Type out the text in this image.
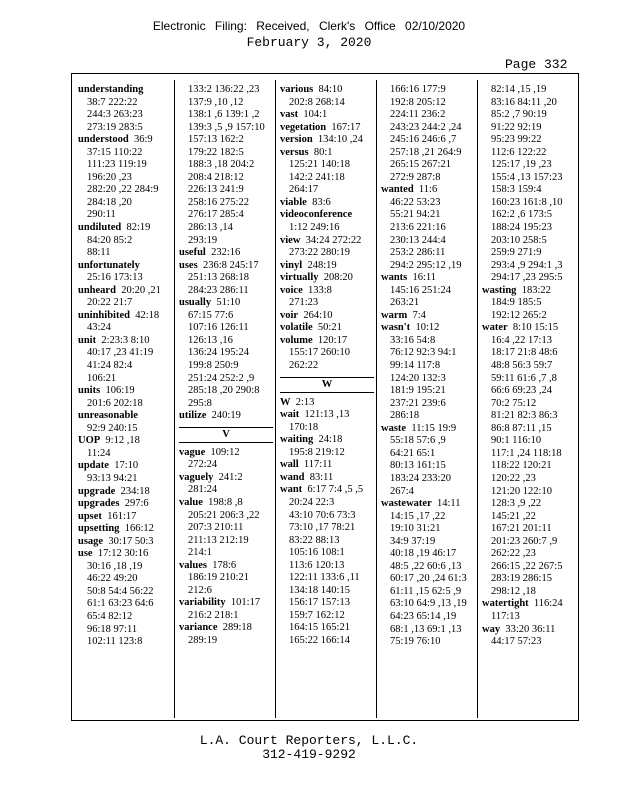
Electronic Filing: Received, Clerk's Office 02/10/2020
February 3, 2020
Page 332
understanding
38:7 222:22
244:3 263:23
273:19 283:5
understood  36:9
37:15 110:22
111:23 119:19
196:20 ,23
282:20 ,22 284:9
284:18 ,20
290:11
undiluted  82:19
84:20 85:2
88:11
unfortunately
25:16 173:13
unheard  20:20 ,21
20:22 21:7
uninhibited  42:18
43:24
unit  2:23:3 8:10
40:17 ,23 41:19
41:24 82:4
106:21
units  106:19
201:6 202:18
unreasonable
92:9 240:15
UOP  9:12 ,18
11:24
update  17:10
93:13 94:21
upgrade  234:18
upgrades  297:6
upset  161:17
upsetting  166:12
usage  30:17 50:3
use  17:12 30:16
30:16 ,18 ,19
46:22 49:20
50:8 54:4 56:22
61:1 63:23 64:6
65:4 82:12
96:18 97:11
102:11 123:8
133:2 136:22 ,23
137:9 ,10 ,12
138:1 ,6 139:1 ,2
139:3 ,5 ,9 157:10
157:13 162:2
179:22 182:5
188:3 ,18 204:2
208:4 218:12
226:13 241:9
258:16 275:22
276:17 285:4
286:13 ,14
293:19
useful  232:16
uses  236:8 245:17
251:13 268:18
284:23 286:11
usually  51:10
67:15 77:6
107:16 126:11
126:13 ,16
136:24 195:24
199:8 250:9
251:24 252:2 ,9
285:18 ,20 290:8
295:8
utilize  240:19
V
vague  109:12
272:24
vaguely  241:2
281:24
value  198:8 ,8
205:21 206:3 ,22
207:3 210:11
211:13 212:19
214:1
values  178:6
186:19 210:21
212:6
variability  101:17
216:2 218:1
variance  289:18
289:19
various  84:10
202:8 268:14
vast  104:1
vegetation  167:17
version  134:10 ,24
versus  80:1
125:21 140:18
142:2 241:18
264:17
viable  83:6
videoconference
1:12 249:16
view  34:24 272:22
273:22 280:19
vinyl  248:19
virtually  208:20
voice  133:8
271:23
voir  264:10
volatile  50:21
volume  120:17
155:17 260:10
262:22
W
W  2:13
wait  121:13 ,13
170:18
waiting  24:18
195:8 219:12
wall  117:11
wand  83:11
want  6:17 7:4 ,5 ,5
20:24 22:3
43:10 70:6 73:3
73:10 ,17 78:21
83:22 88:13
105:16 108:1
113:6 120:13
122:11 133:6 ,11
134:18 140:15
156:17 157:13
159:7 162:12
164:15 165:21
165:22 166:14
166:16 177:9
192:8 205:12
224:11 236:2
243:23 244:2 ,24
245:16 246:6 ,7
257:18 ,21 264:9
265:15 267:21
272:9 287:8
wanted  11:6
46:22 53:23
55:21 94:21
213:6 221:16
230:13 244:4
253:2 286:11
294:2 295:12 ,19
wants  16:11
145:16 251:24
263:21
warm  7:4
wasn't  10:12
33:16 54:8
76:12 92:3 94:1
99:14 117:8
124:20 132:3
181:9 195:21
237:21 239:6
286:18
waste  11:15 19:9
55:18 57:6 ,9
64:21 65:1
80:13 161:15
183:24 233:20
267:4
wastewater  14:11
14:15 ,17 ,22
19:10 31:21
34:9 37:19
40:18 ,19 46:17
48:5 ,22 60:6 ,13
60:17 ,20 ,24 61:3
61:11 ,15 62:5 ,9
63:10 64:9 ,13 ,19
64:23 65:14 ,19
68:1 ,13 69:1 ,13
75:19 76:10
82:14 ,15 ,19
83:16 84:11 ,20
85:2 ,7 90:19
91:22 92:19
95:23 99:22
112:6 122:22
125:17 ,19 ,23
155:4 ,13 157:23
158:3 159:4
160:23 161:8 ,10
162:2 ,6 173:5
188:24 195:23
203:10 258:5
259:9 271:9
293:4 ,9 294:1 ,3
294:17 ,23 295:5
wasting  183:22
184:9 185:5
192:12 265:2
water  8:10 15:15
16:4 ,22 17:13
18:17 21:8 48:6
48:8 56:3 59:7
59:11 61:6 ,7 ,8
66:6 69:23 ,24
70:2 75:12
81:21 82:3 86:3
86:8 87:11 ,15
90:1 116:10
117:1 ,24 118:18
118:22 120:21
120:22 ,23
121:20 122:10
128:3 ,9 ,22
145:21 ,22
167:21 201:11
201:23 260:7 ,9
262:22 ,23
266:15 ,22 267:5
283:19 286:15
298:12 ,18
watertight  116:24
117:13
way  33:20 36:11
44:17 57:23
L.A. Court Reporters, L.L.C.
312-419-9292
